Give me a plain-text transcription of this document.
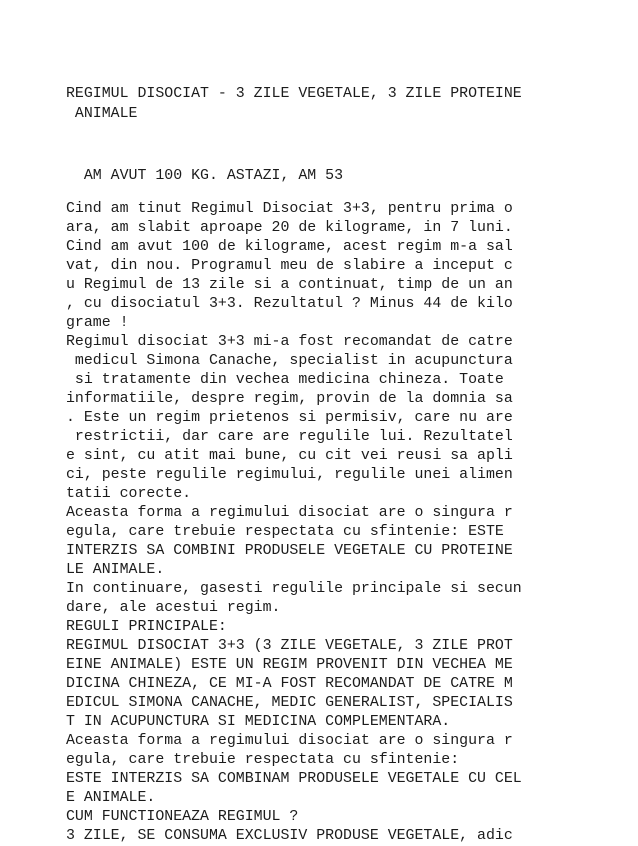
REGIMUL DISOCIAT - 3 ZILE VEGETALE, 3 ZILE PROTEINE
ANIMALE
AM AVUT 100 KG. ASTAZI, AM 53
Cind am tinut Regimul Disociat 3+3, pentru prima o
ara, am slabit aproape 20 de kilograme, in 7 luni.
Cind am avut 100 de kilograme, acest regim m-a sal
vat, din nou. Programul meu de slabire a inceput c
u Regimul de 13 zile si a continuat, timp de un an
, cu disociatul 3+3. Rezultatul ? Minus 44 de kilo
grame !
Regimul disociat 3+3 mi-a fost recomandat de catre
medicul Simona Canache, specialist in acupunctura
si tratamente din vechea medicina chineza. Toate
informatiile, despre regim, provin de la domnia sa
. Este un regim prietenos si permisiv, care nu are
restrictii, dar care are regulile lui. Rezultatel
e sint, cu atit mai bune, cu cit vei reusi sa apli
ci, peste regulile regimului, regulile unei alimen
tatii corecte.
Aceasta forma a regimului disociat are o singura r
egula, care trebuie respectata cu sfintenie: ESTE
INTERZIS SA COMBINI PRODUSELE VEGETALE CU PROTEINE
LE ANIMALE.
In continuare, gasesti regulile principale si secun
dare, ale acestui regim.
REGULI PRINCIPALE:
REGIMUL DISOCIAT 3+3 (3 ZILE VEGETALE, 3 ZILE PROT
EINE ANIMALE) ESTE UN REGIM PROVENIT DIN VECHEA ME
DICINA CHINEZA, CE MI-A FOST RECOMANDAT DE CATRE M
EDICUL SIMONA CANACHE, MEDIC GENERALIST, SPECIALIS
T IN ACUPUNCTURA SI MEDICINA COMPLEMENTARA.
Aceasta forma a regimului disociat are o singura r
egula, care trebuie respectata cu sfintenie:
ESTE INTERZIS SA COMBINAM PRODUSELE VEGETALE CU CEL
E ANIMALE.
CUM FUNCTIONEAZA REGIMUL ?
3 ZILE, SE CONSUMA EXCLUSIV PRODUSE VEGETALE, adic
